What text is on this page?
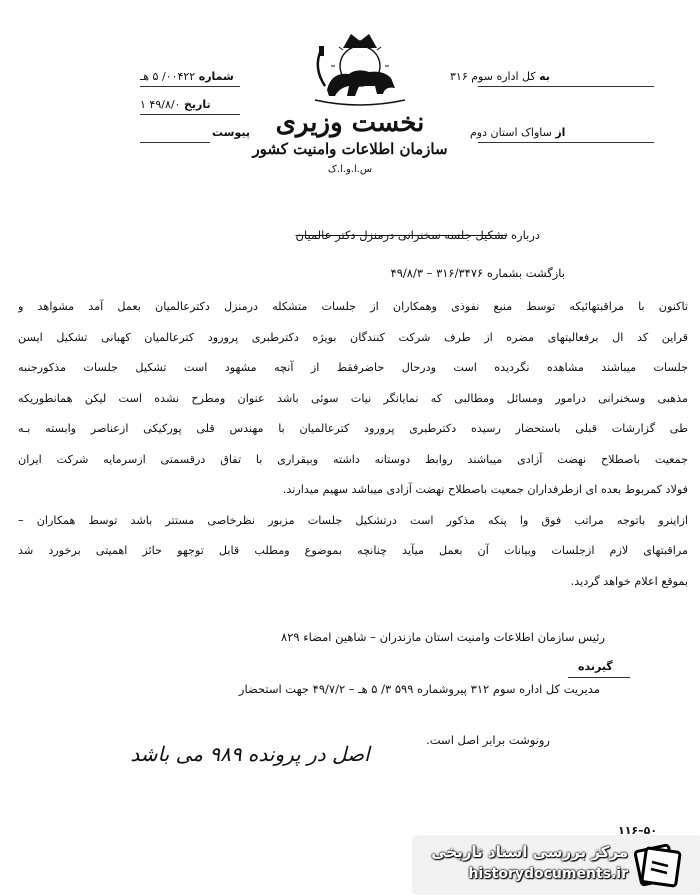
نخست وزیری
سازمان اطلاعات وامنیت کشور
س.ا.و.ا.ک
شماره ۰۰۴۲۲/ ۵ هـ
تاریخ ۴۹/۸/۰ ۱
پیوست
به کل اداره سوم ۳۱۶
از ساواک استان دوم
درباره تشکیل جلسه سخنرانی درمنزل دکتر عالمیان
بازگشت بشماره ۳۱۶/۳۴۷۶ – ۴۹/۸/۳
تاکنون با مراقبتهائیکه توسط منبع نفوذی وهمکاران از جلسات متشکله درمنزل دکترعالمیان بعمل آمد مشواهد و
قراین کد ال برفعالیتهای مضره از طرف شرکت کنندگان بویژه دکترطبری پرورود کترعالمیان کهبانی تشکیل ایسن
جلسات میباشند مشاهده نگردیده است ودرحال حاضرفقط از آنچه مشهود است تشکیل جلسات مذکورجنبه
مذهبی وسخنرانی درامور ومسائل ومطالبی که نمایانگر نیات سوئی باشد عنوان ومطرح نشده است لیکن همانطوریکه
طی گزارشات قبلی باستحضار رسیده دکترطبری پرورود کترعالمیان با مهندس قلی پورکیکی ازعناصر وابسته بـه
جمعیت باصطلاح نهضت آزادی میباشند روابط دوستانه داشته وبیقراری با تفاق درقسمتی ازسرمایه شرکت ایران
فولاد کمربوط بعده ای ازطرفداران جمعیت باصطلاح نهضت آزادی میباشد سهیم میدارند.
ازاینرو باتوجه مراتب فوق وا پنکه مذکور است درتشکیل جلسات مزبور نظرخاصی مستتر باشد توسط همکاران –
مراقبتهای لازم ازجلسات وبیانات آن بعمل میآید چنانچه بموضوع ومطلب قابل توجهو حائز اهمیتی برخورد شد
بموقع اعلام خواهد گردید.
رئیس سازمان اطلاعات وامنیت استان مازندران – شاهین امضاء ۸۲۹
گیرنده
مدیریت کل اداره سوم ۳۱۲ پیروشماره ۵۹۹ ۳/ ۵ هـ – ۴۹/۷/۲ جهت استحضار
رونوشت برابر اصل است.
اصل در پرونده ۹۸۹ می باشد
۱۱۶–۵۰
مرکز بررسی اسناد تاریخی
historydocuments.ir
